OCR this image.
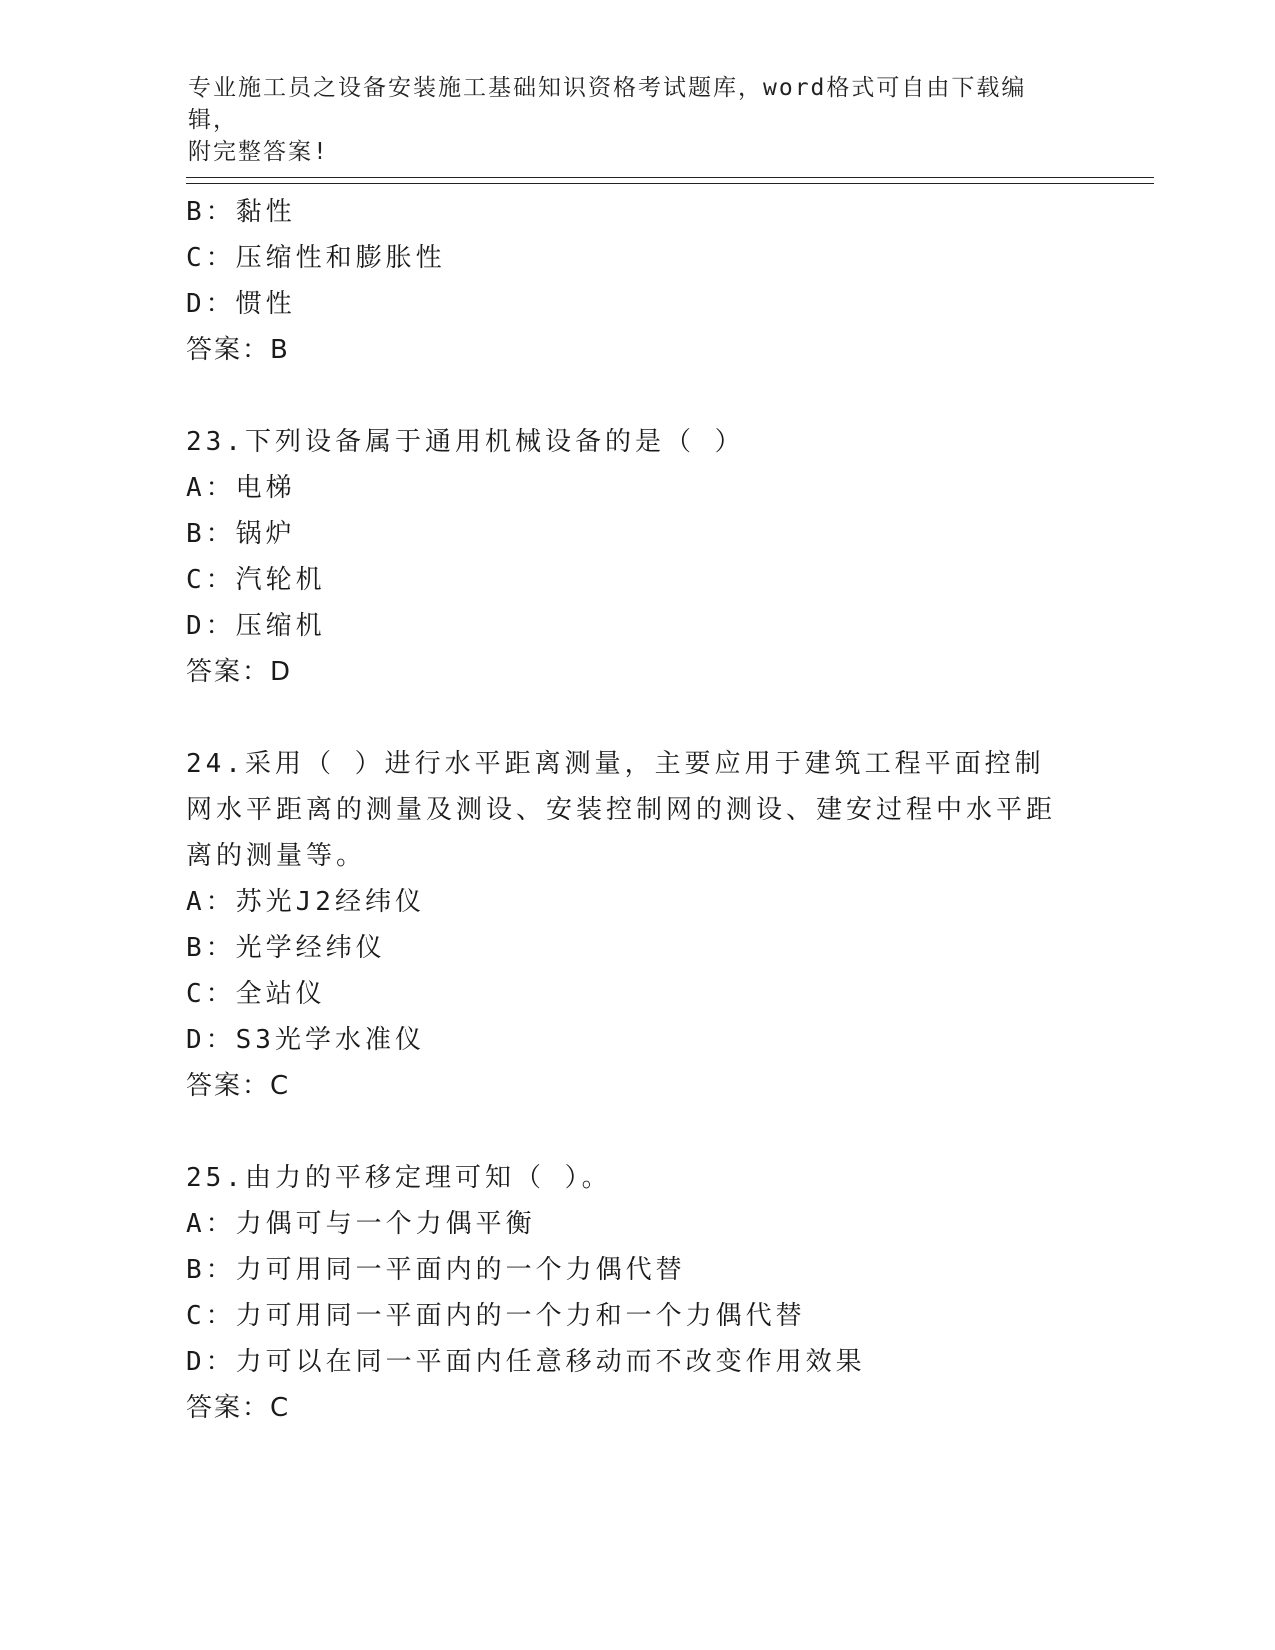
专业施工员之设备安装施工基础知识资格考试题库，word格式可自由下载编辑，
附完整答案!
B：黏性
C：压缩性和膨胀性
D：惯性
答案：B
23.下列设备属于通用机械设备的是（ ）
A：电梯
B：锅炉
C：汽轮机
D：压缩机
答案：D
24.采用（ ）进行水平距离测量，主要应用于建筑工程平面控制网水平距离的测量及测设、安装控制网的测设、建安过程中水平距离的测量等。
A：苏光J2经纬仪
B：光学经纬仪
C：全站仪
D：S3光学水准仪
答案：C
25.由力的平移定理可知（ ）。
A：力偶可与一个力偶平衡
B：力可用同一平面内的一个力偶代替
C：力可用同一平面内的一个力和一个力偶代替
D：力可以在同一平面内任意移动而不改变作用效果
答案：C
